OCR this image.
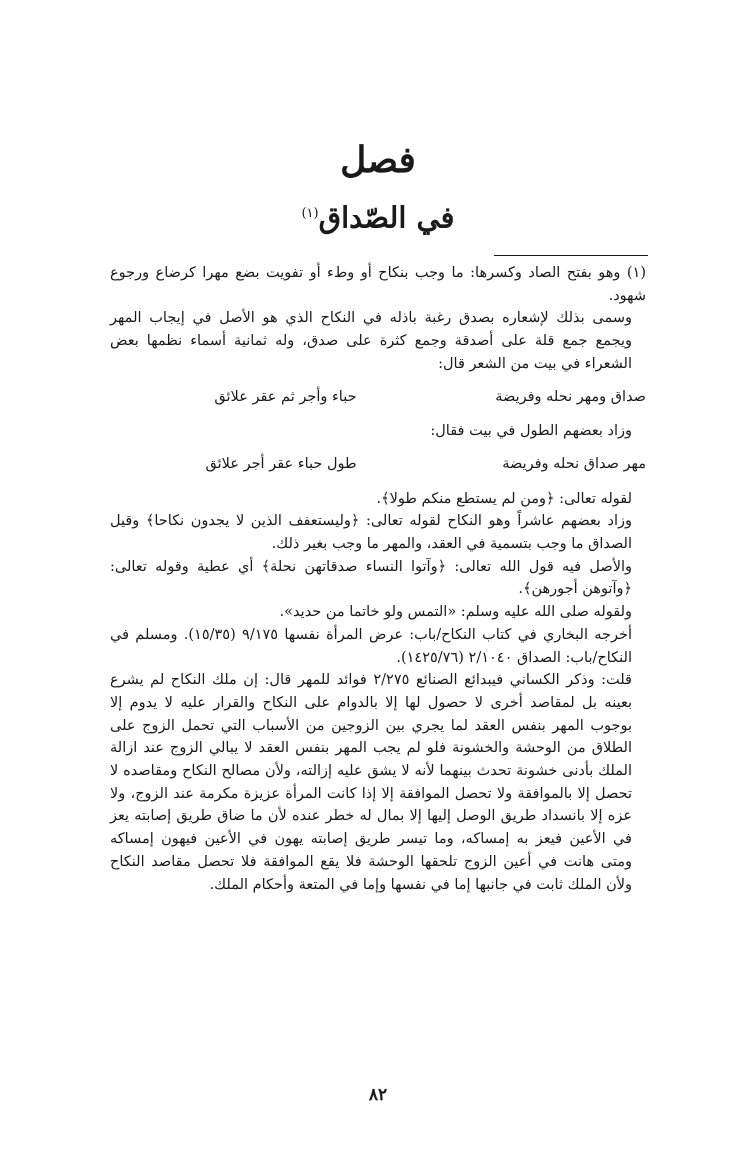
فصل
في الصّداق$^{(١)}$

(١) وهو بفتح الصاد وكسرها: ما وجب بنكاح أو وطء أو تفويت بضع مهرا كرضاع ورجوع شهود.

وسمى بذلك لإشعاره بصدق رغبة باذله في النكاح الذي هو الأصل في إيجاب المهر ويجمع جمع قلة على أصدقة وجمع كثرة على صدق، وله ثمانية أسماء نظمها بعض الشعراء في بيت من الشعر قال:

صداق ومهر نحله وفريضة
حباء وأجر ثم عقر علائق

وزاد بعضهم الطول في بيت فقال:

مهر صداق نحله وفريضة
طول حباء عقر أجر علائق

لقوله تعالى: ﴿ومن لم يستطع منكم طولا﴾.

وزاد بعضهم عاشراً وهو النكاح لقوله تعالى: ﴿وليستعفف الذين لا يجدون نكاحا﴾ وقيل الصداق ما وجب بتسمية في العقد، والمهر ما وجب بغير ذلك.

والأصل فيه قول الله تعالى: ﴿وآتوا النساء صدقاتهن نحلة﴾ أي عطية وقوله تعالى: ﴿وآتوهن أجورهن﴾.

ولقوله صلى الله عليه وسلم: «التمس ولو خاتما من حديد».

أخرجه البخاري في كتاب النكاح/باب: عرض المرأة نفسها ٩/١٧٥ (١٥/٣٥). ومسلم في النكاح/باب: الصداق ٢/١٠٤٠ (١٤٢٥/٧٦).

قلت: وذكر الكساني فيبدائع الصنائع ٢/٢٧٥ فوائد للمهر قال: إن ملك النكاح لم يشرع بعينه بل لمقاصد أخرى لا حصول لها إلا بالدوام على النكاح والقرار عليه لا يدوم إلا بوجوب المهر بنفس العقد لما يجري بين الزوجين من الأسباب التي تحمل الزوج على الطلاق من الوحشة والخشونة فلو لم يجب المهر بنفس العقد لا يبالي الزوج عند ازالة الملك بأدنى خشونة تحدث بينهما لأنه لا يشق عليه إزالته، ولأن مصالح النكاح ومقاصده لا تحصل إلا بالموافقة ولا تحصل الموافقة إلا إذا كانت المرأة عزيزة مكرمة عند الزوج، ولا عزه إلا بانسداد طريق الوصل إليها إلا بمال له خطر عنده لأن ما ضاق طريق إصابته يعز في الأعين فيعز به إمساكه، وما تيسر طريق إصابته يهون في الأعين فيهون إمساكه ومتى هانت في أعين الزوج تلحقها الوحشة فلا يقع الموافقة فلا تحصل مقاصد النكاح ولأن الملك ثابت في جانبها إما في نفسها وإما في المتعة وأحكام الملك.

٨٢
